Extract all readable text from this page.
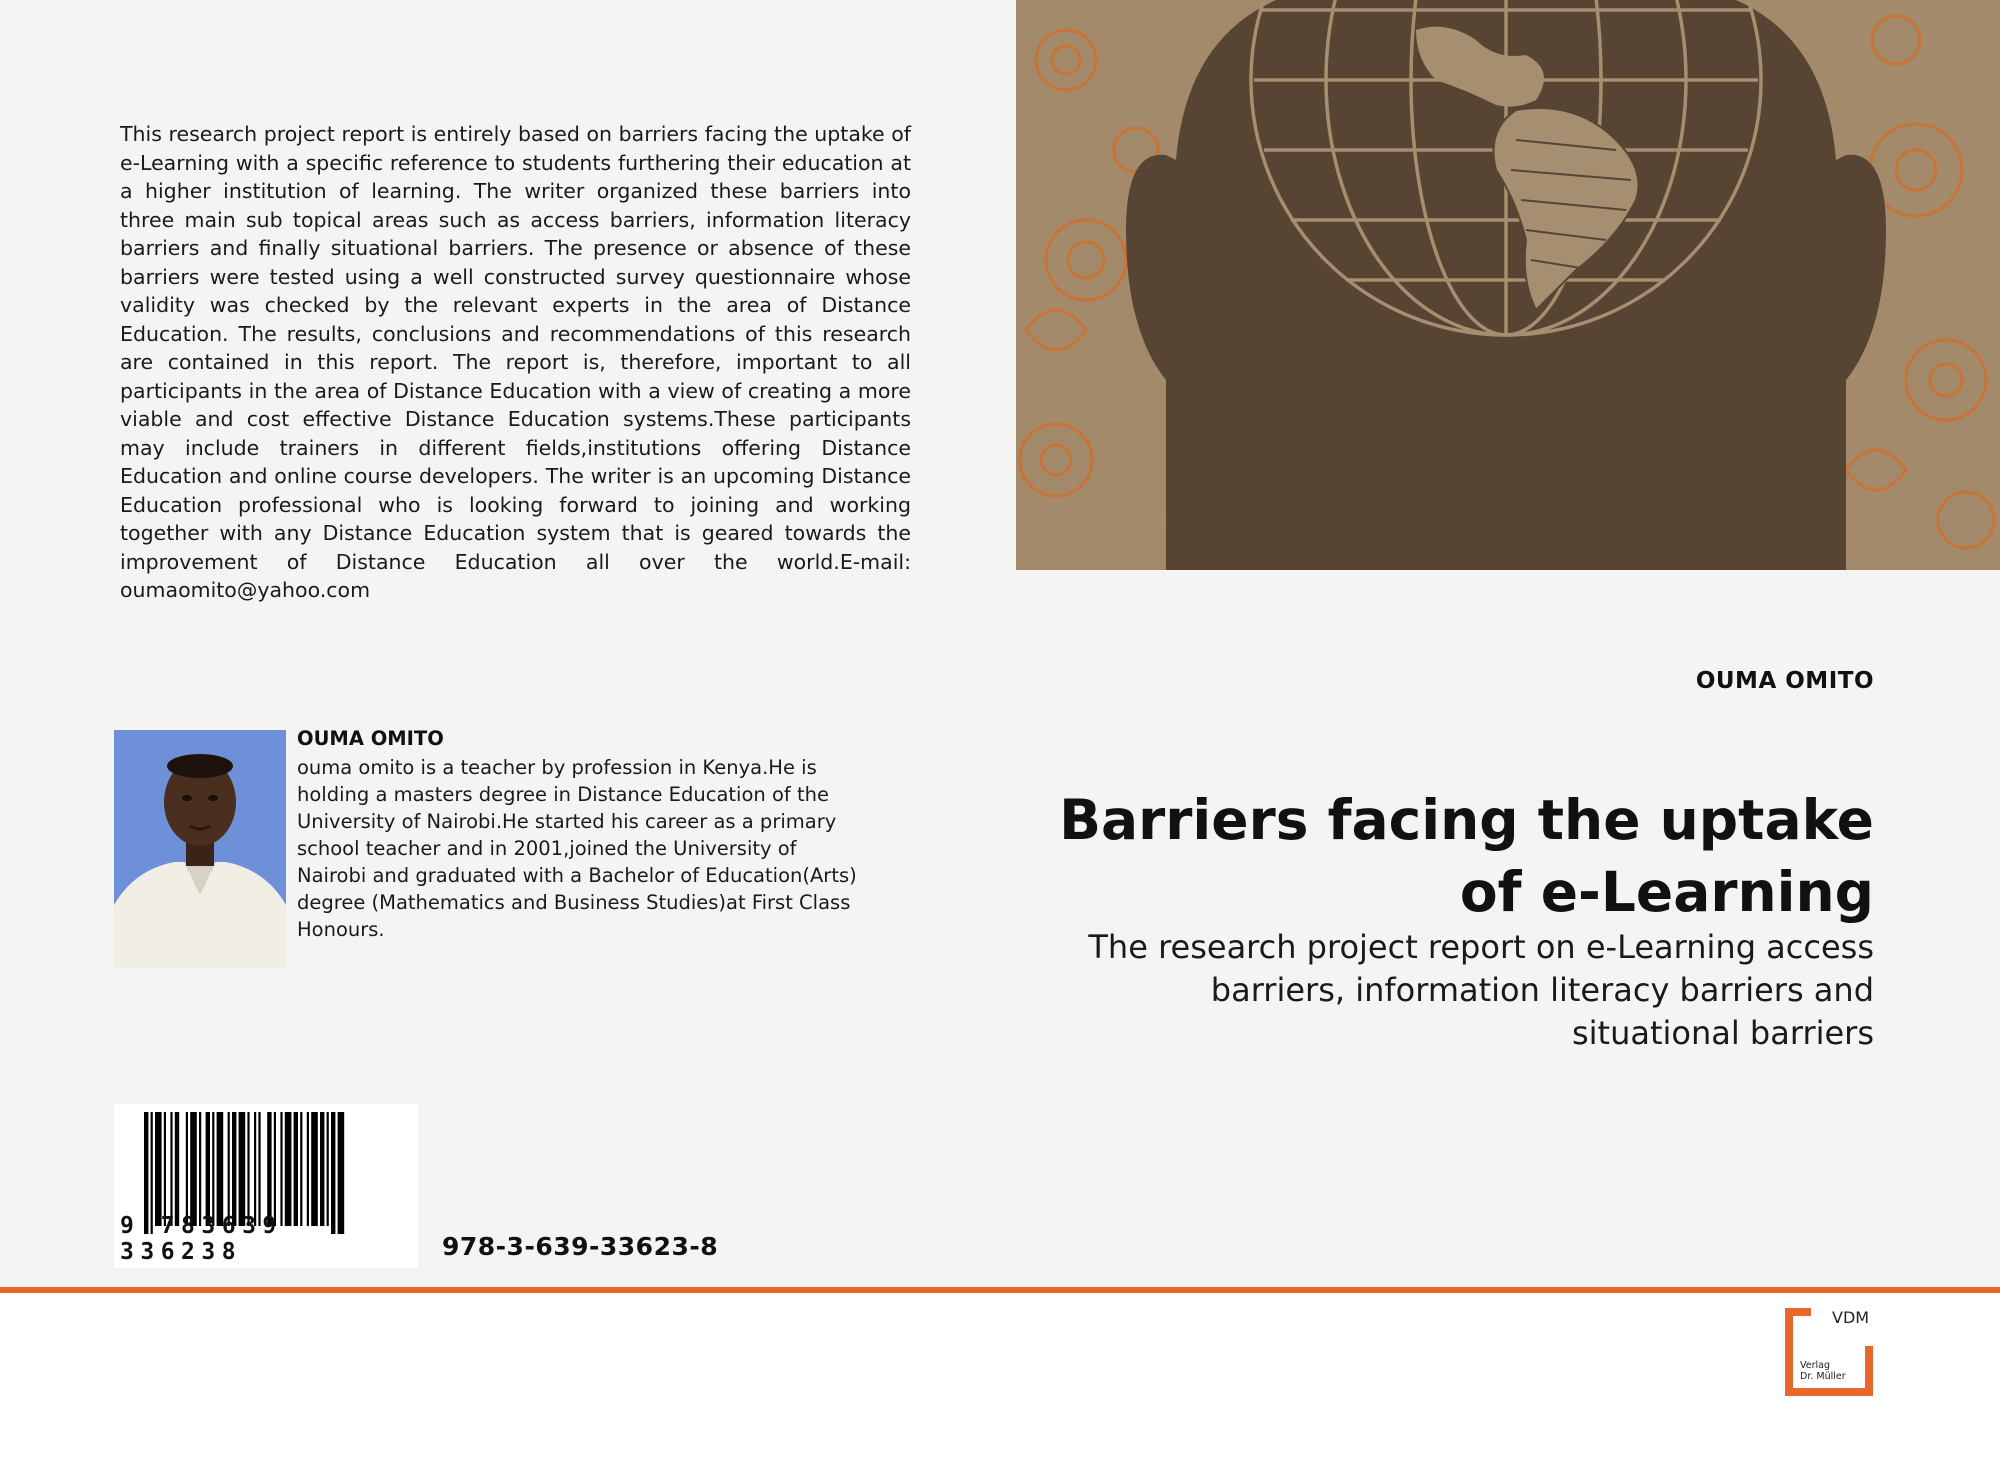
This research project report is entirely based on barriers facing the uptake of e-Learning with a specific reference to students furthering their education at a higher institution of learning. The writer organized these barriers into three main sub topical areas such as access barriers, information literacy barriers and finally situational barriers. The presence or absence of these barriers were tested using a well constructed survey questionnaire whose validity was checked by the relevant experts in the area of Distance Education. The results, conclusions and recommendations of this research are contained in this report. The report is, therefore, important to all participants in the area of Distance Education with a view of creating a more viable and cost effective Distance Education systems.These participants may include trainers in different fields,institutions offering Distance Education and online course developers. The writer is an upcoming Distance Education professional who is looking forward to joining and working together with any Distance Education system that is geared towards the improvement of Distance Education all over the world.E-mail: oumaomito@yahoo.com
OUMA OMITO
Barriers facing the uptake
of e-Learning
The research project report on e-Learning access
barriers, information literacy barriers and
situational barriers
OUMA OMITO
ouma omito is a teacher by profession in Kenya.He is holding a masters degree in Distance Education of the University of Nairobi.He started his career as a primary school teacher and in 2001,joined the University of Nairobi and graduated with a Bachelor of Education(Arts) degree (Mathematics and Business Studies)at First Class Honours.
9 783639 336238	978-3-639-33623-8
VDM
Verlag
Dr. Müller
